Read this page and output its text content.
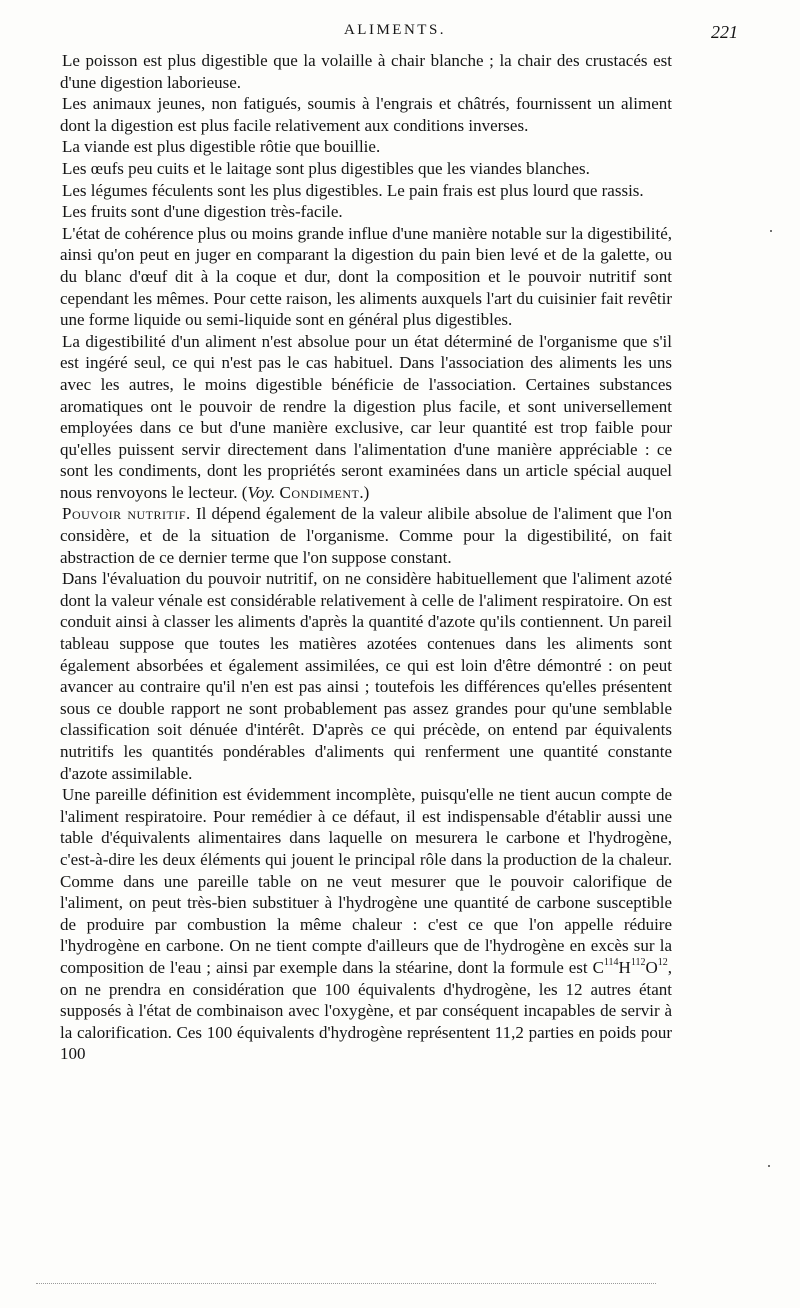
ALIMENTS.	221

Le poisson est plus digestible que la volaille à chair blanche ; la chair des crustacés est d'une digestion laborieuse.

Les animaux jeunes, non fatigués, soumis à l'engrais et châtrés, fournissent un aliment dont la digestion est plus facile relativement aux conditions inverses.

La viande est plus digestible rôtie que bouillie.

Les œufs peu cuits et le laitage sont plus digestibles que les viandes blanches.

Les légumes féculents sont les plus digestibles. Le pain frais est plus lourd que rassis.

Les fruits sont d'une digestion très-facile.

L'état de cohérence plus ou moins grande influe d'une manière notable sur la digestibilité, ainsi qu'on peut en juger en comparant la digestion du pain bien levé et de la galette, ou du blanc d'œuf dit à la coque et dur, dont la composition et le pouvoir nutritif sont cependant les mêmes. Pour cette raison, les aliments auxquels l'art du cuisinier fait revêtir une forme liquide ou semi-liquide sont en général plus digestibles.

La digestibilité d'un aliment n'est absolue pour un état déterminé de l'organisme que s'il est ingéré seul, ce qui n'est pas le cas habituel. Dans l'association des aliments les uns avec les autres, le moins digestible bénéficie de l'association. Certaines substances aromatiques ont le pouvoir de rendre la digestion plus facile, et sont universellement employées dans ce but d'une manière exclusive, car leur quantité est trop faible pour qu'elles puissent servir directement dans l'alimentation d'une manière appréciable : ce sont les condiments, dont les propriétés seront examinées dans un article spécial auquel nous renvoyons le lecteur. (Voy. Condiment.)

Pouvoir nutritif. Il dépend également de la valeur alibile absolue de l'aliment que l'on considère, et de la situation de l'organisme. Comme pour la digestibilité, on fait abstraction de ce dernier terme que l'on suppose constant.

Dans l'évaluation du pouvoir nutritif, on ne considère habituellement que l'aliment azoté dont la valeur vénale est considérable relativement à celle de l'aliment respiratoire. On est conduit ainsi à classer les aliments d'après la quantité d'azote qu'ils contiennent. Un pareil tableau suppose que toutes les matières azotées contenues dans les aliments sont également absorbées et également assimilées, ce qui est loin d'être démontré : on peut avancer au contraire qu'il n'en est pas ainsi ; toutefois les différences qu'elles présentent sous ce double rapport ne sont probablement pas assez grandes pour qu'une semblable classification soit dénuée d'intérêt. D'après ce qui précède, on entend par équivalents nutritifs les quantités pondérables d'aliments qui renferment une quantité constante d'azote assimilable.

Une pareille définition est évidemment incomplète, puisqu'elle ne tient aucun compte de l'aliment respiratoire. Pour remédier à ce défaut, il est indispensable d'établir aussi une table d'équivalents alimentaires dans laquelle on mesurera le carbone et l'hydrogène, c'est-à-dire les deux éléments qui jouent le principal rôle dans la production de la chaleur. Comme dans une pareille table on ne veut mesurer que le pouvoir calorifique de l'aliment, on peut très-bien substituer à l'hydrogène une quantité de carbone susceptible de produire par combustion la même chaleur : c'est ce que l'on appelle réduire l'hydrogène en carbone. On ne tient compte d'ailleurs que de l'hydrogène en excès sur la composition de l'eau ; ainsi par exemple dans la stéarine, dont la formule est $C^{114}H^{112}O^{12}$, on ne prendra en considération que 100 équivalents d'hydrogène, les 12 autres étant supposés à l'état de combinaison avec l'oxygène, et par conséquent incapables de servir à la calorification. Ces 100 équivalents d'hydrogène représentent 11,2 parties en poids pour 100
